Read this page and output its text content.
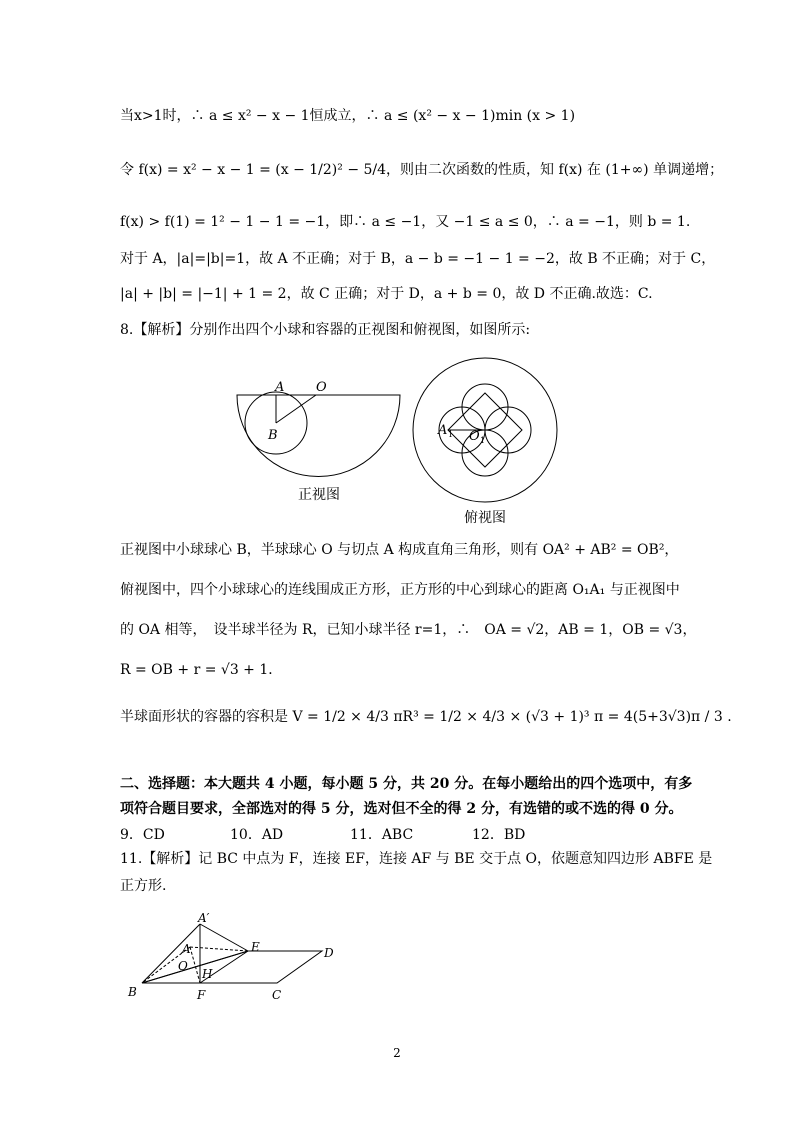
当x>1时，∴ a ≤ x² − x − 1恒成立，∴ a ≤ (x² − x − 1)min (x > 1)
令 f(x) = x² − x − 1 = (x − 1/2)² − 5/4，则由二次函数的性质，知 f(x) 在 (1+∞) 单调递增；
f(x) > f(1) = 1² − 1 − 1 = −1，即∴ a ≤ −1，又 −1 ≤ a ≤ 0，∴ a = −1，则 b = 1.
对于 A，|a|=|b|=1，故 A 不正确；对于 B，a − b = −1 − 1 = −2，故 B 不正确；对于 C，
|a| + |b| = |−1| + 1 = 2，故 C 正确；对于 D，a + b = 0，故 D 不正确.故选：C.
8.【解析】分别作出四个小球和容器的正视图和俯视图，如图所示:
A O
B
正视图
A 1 O 1
俯视图
正视图中小球球心 B，半球球心 O 与切点 A 构成直角三角形，则有 OA² + AB² = OB²，
俯视图中，四个小球球心的连线围成正方形，正方形的中心到球心的距离 O₁A₁ 与正视图中
的 OA 相等，　设半球半径为 R，已知小球半径 r=1，∴　OA = √2，AB = 1，OB = √3，
R = OB + r = √3 + 1．
半球面形状的容器的容积是 V = 1/2 × 4/3 πR³ = 1/2 × 4/3 × (√3 + 1)³ π = 4(5+3√3)π / 3 .
二、选择题：本大题共 4 小题，每小题 5 分，共 20 分。在每小题给出的四个选项中，有多
项符合题目要求，全部选对的得 5 分，选对但不全的得 2 分，有选错的或不选的得 0 分。
9．CD	10．AD	11．ABC	12．BD
11.【解析】记 BC 中点为 F，连接 EF，连接 AF 与 BE 交于点 O，依题意知四边形 ABFE 是
正方形.
A′
A
O
H
E	D
B	F	C
2
